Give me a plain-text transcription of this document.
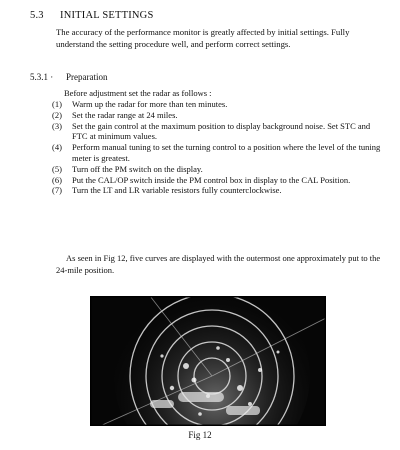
5.3 INITIAL SETTINGS
The accuracy of the performance monitor is greatly affected by initial settings. Fully understand the setting procedure well, and perform correct settings.
5.3.1 · Preparation
Before adjustment set the radar as follows :
(1) Warm up the radar for more than ten minutes.
(2) Set the radar range at 24 miles.
(3) Set the gain control at the maximum position to display background noise. Set STC and FTC at minimum values.
(4) Perform manual tuning to set the turning control to a position where the level of the tuning meter is greatest.
(5) Turn off the PM switch on the display.
(6) Put the CAL/OP switch inside the PM control box in display to the CAL Position.
(7) Turn the LT and LR variable resistors fully counterclockwise.
As seen in Fig 12, five curves are displayed with the outermost one approximately put to the 24-mile position.
Fig 12
